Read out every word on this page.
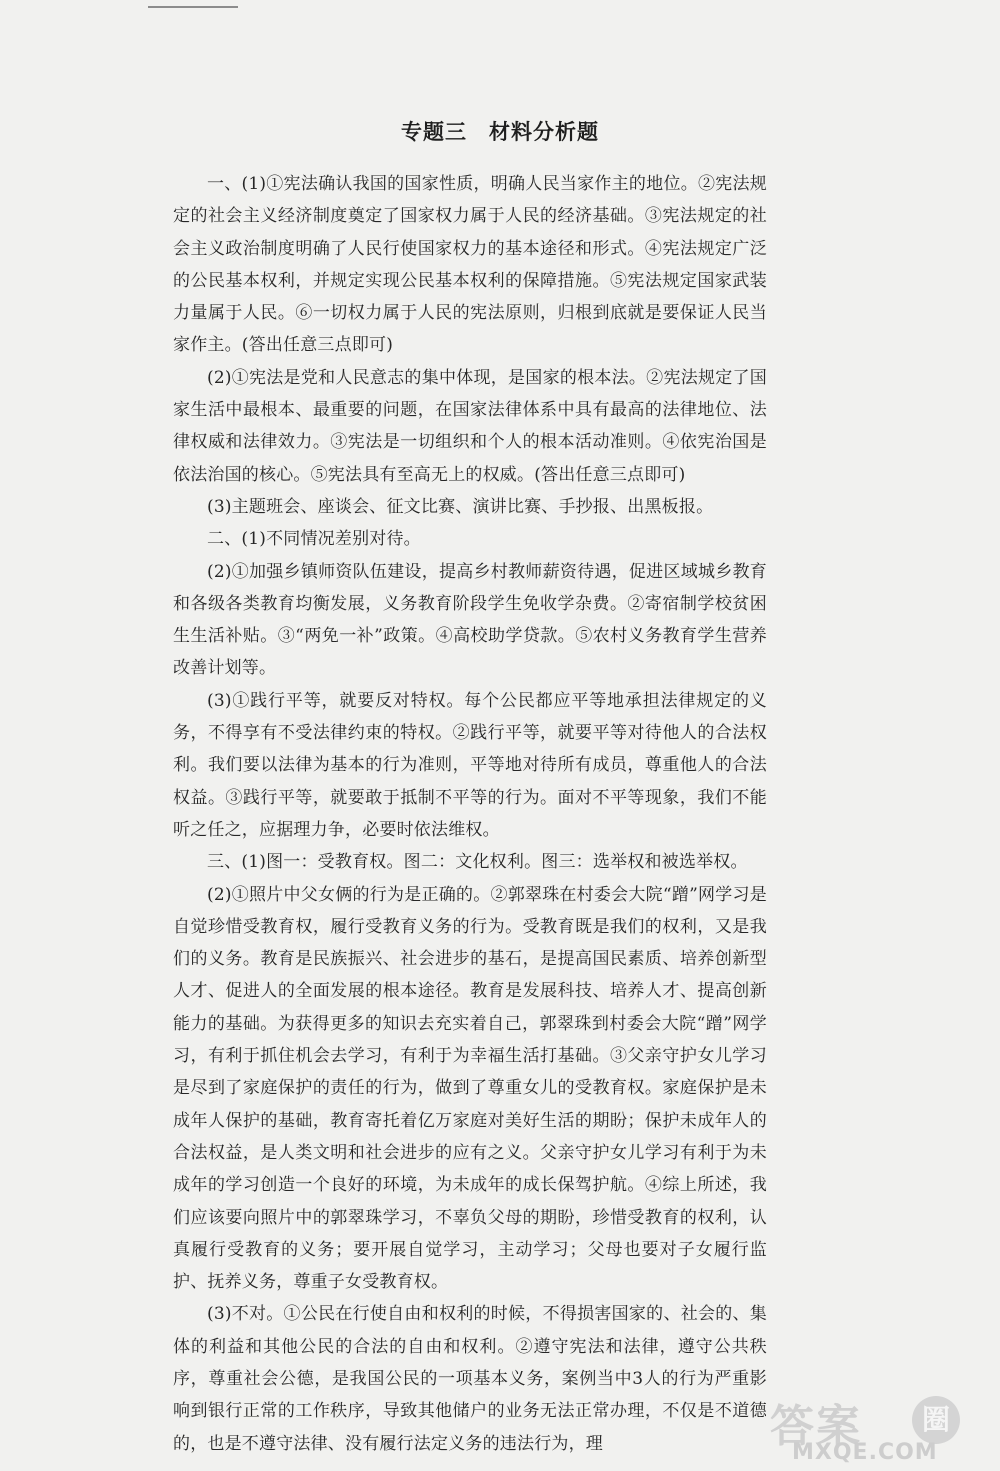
专题三　材料分析题

一、(1)①宪法确认我国的国家性质，明确人民当家作主的地位。②宪法规定的社会主义经济制度奠定了国家权力属于人民的经济基础。③宪法规定的社会主义政治制度明确了人民行使国家权力的基本途径和形式。④宪法规定广泛的公民基本权利，并规定实现公民基本权利的保障措施。⑤宪法规定国家武装力量属于人民。⑥一切权力属于人民的宪法原则，归根到底就是要保证人民当家作主。(答出任意三点即可)

(2)①宪法是党和人民意志的集中体现，是国家的根本法。②宪法规定了国家生活中最根本、最重要的问题，在国家法律体系中具有最高的法律地位、法律权威和法律效力。③宪法是一切组织和个人的根本活动准则。④依宪治国是依法治国的核心。⑤宪法具有至高无上的权威。(答出任意三点即可)

(3)主题班会、座谈会、征文比赛、演讲比赛、手抄报、出黑板报。

二、(1)不同情况差别对待。

(2)①加强乡镇师资队伍建设，提高乡村教师薪资待遇，促进区域城乡教育和各级各类教育均衡发展，义务教育阶段学生免收学杂费。②寄宿制学校贫困生生活补贴。③“两免一补”政策。④高校助学贷款。⑤农村义务教育学生营养改善计划等。

(3)①践行平等，就要反对特权。每个公民都应平等地承担法律规定的义务，不得享有不受法律约束的特权。②践行平等，就要平等对待他人的合法权利。我们要以法律为基本的行为准则，平等地对待所有成员，尊重他人的合法权益。③践行平等，就要敢于抵制不平等的行为。面对不平等现象，我们不能听之任之，应据理力争，必要时依法维权。

三、(1)图一：受教育权。图二：文化权利。图三：选举权和被选举权。

(2)①照片中父女俩的行为是正确的。②郭翠珠在村委会大院“蹭”网学习是自觉珍惜受教育权，履行受教育义务的行为。受教育既是我们的权利，又是我们的义务。教育是民族振兴、社会进步的基石，是提高国民素质、培养创新型人才、促进人的全面发展的根本途径。教育是发展科技、培养人才、提高创新能力的基础。为获得更多的知识去充实着自己，郭翠珠到村委会大院“蹭”网学习，有利于抓住机会去学习，有利于为幸福生活打基础。③父亲守护女儿学习是尽到了家庭保护的责任的行为，做到了尊重女儿的受教育权。家庭保护是未成年人保护的基础，教育寄托着亿万家庭对美好生活的期盼；保护未成年人的合法权益，是人类文明和社会进步的应有之义。父亲守护女儿学习有利于为未成年的学习创造一个良好的环境，为未成年的成长保驾护航。④综上所述，我们应该要向照片中的郭翠珠学习，不辜负父母的期盼，珍惜受教育的权利，认真履行受教育的义务；要开展自觉学习，主动学习；父母也要对子女履行监护、抚养义务，尊重子女受教育权。

(3)不对。①公民在行使自由和权利的时候，不得损害国家的、社会的、集体的利益和其他公民的合法的自由和权利。②遵守宪法和法律，遵守公共秩序，尊重社会公德，是我国公民的一项基本义务，案例当中3人的行为严重影响到银行正常的工作秩序，导致其他储户的业务无法正常办理，不仅是不道德的，也是不遵守法律、没有履行法定义务的违法行为，理	答案	圈
MXQE.COM
